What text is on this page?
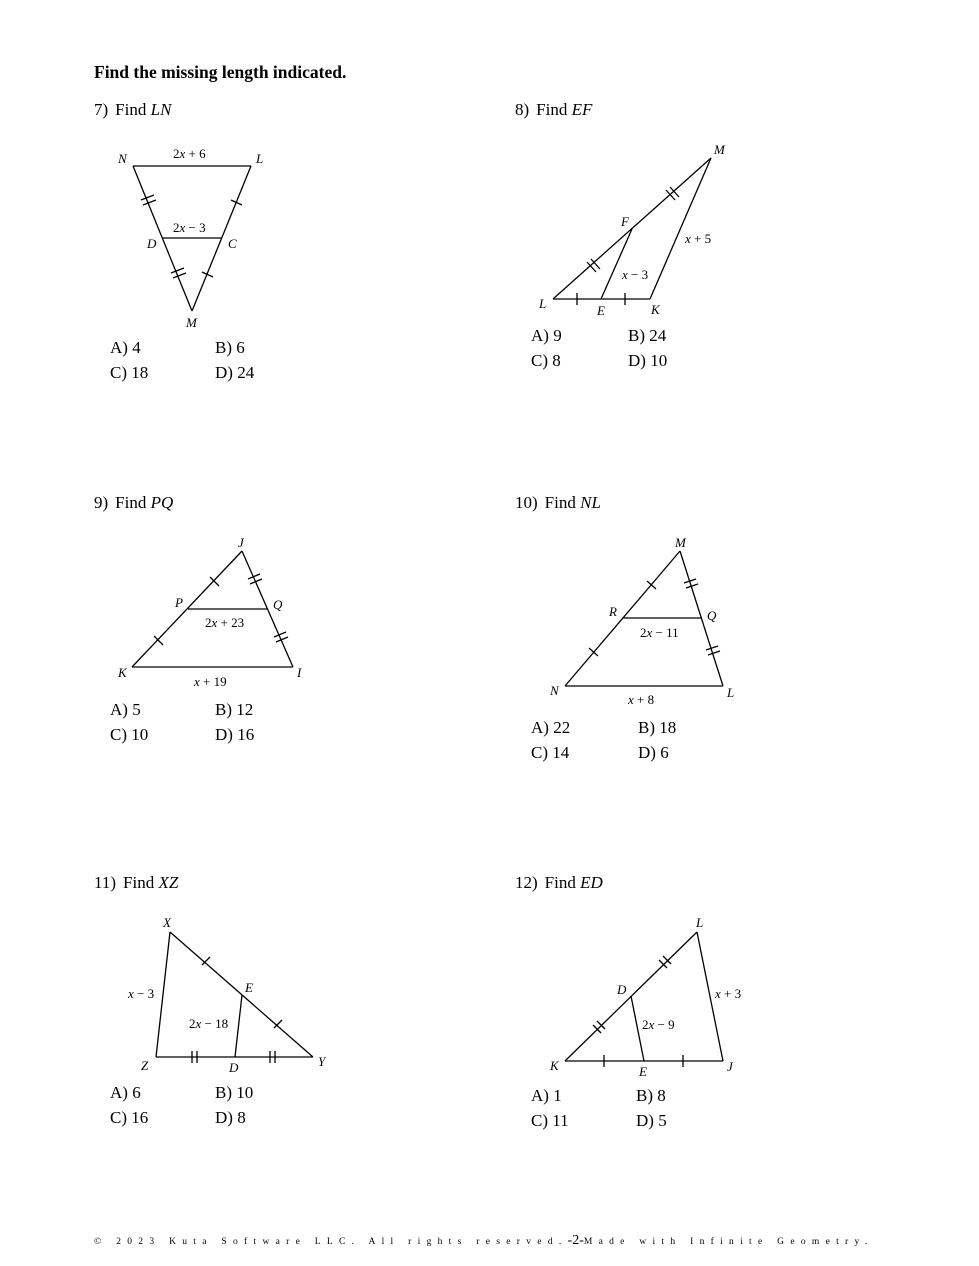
Find the missing length indicated.
7) Find LN
N	L
D	C
M
2x + 6
2x − 3
A) 4	B) 6
C) 18	D) 24
8) Find EF
M
F
L	E	K
x + 5
x − 3
A) 9	B) 24
C) 8	D) 10
9) Find PQ
J
P	Q
K	I
2x + 23
x + 19
A) 5	B) 12
C) 10	D) 16
10) Find NL
M
R	Q
N	L
2x − 11
x + 8
A) 22	B) 18
C) 14	D) 6
11) Find XZ
X
E
Z	D	Y
x − 3
2x − 18
A) 6	B) 10
C) 16	D) 8
12) Find ED
L
D
K	E	J
x + 3
2x − 9
A) 1	B) 8
C) 11	D) 5
© 2023 Kuta Software LLC. All rights reserved.-2-Made with Infinite Geometry.
